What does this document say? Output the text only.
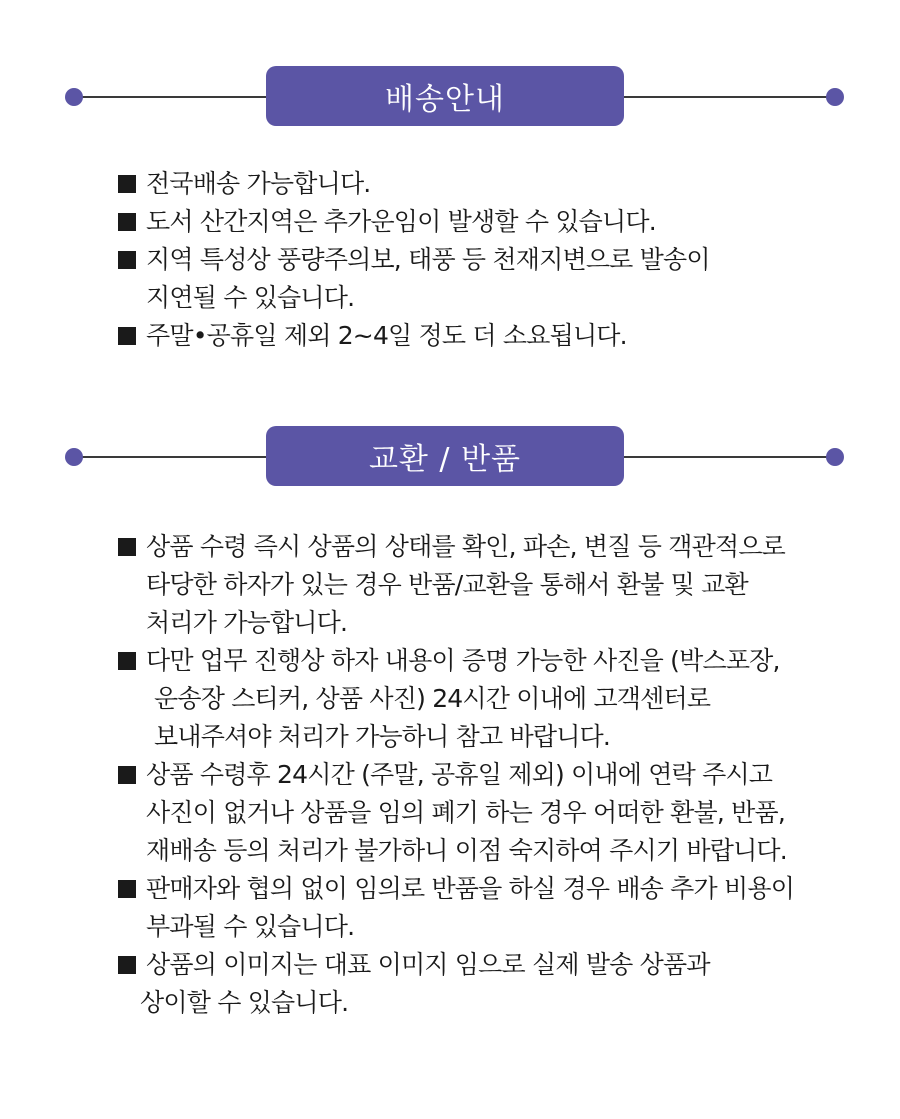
배송안내
전국배송 가능합니다.
도서 산간지역은 추가운임이 발생할 수 있습니다.
지역 특성상 풍량주의보, 태풍 등 천재지변으로 발송이
지연될 수 있습니다.
주말•공휴일 제외 2~4일 정도 더 소요됩니다.
교환 / 반품
상품 수령 즉시 상품의 상태를 확인, 파손, 변질 등 객관적으로
타당한 하자가 있는 경우 반품/교환을 통해서 환불 및 교환
처리가 가능합니다.
다만 업무 진행상 하자 내용이 증명 가능한 사진을 (박스포장,
운송장 스티커, 상품 사진) 24시간 이내에 고객센터로
보내주셔야 처리가 가능하니 참고 바랍니다.
상품 수령후 24시간 (주말, 공휴일 제외) 이내에 연락 주시고
사진이 없거나 상품을 임의 폐기 하는 경우 어떠한 환불, 반품,
재배송 등의 처리가 불가하니 이점 숙지하여 주시기 바랍니다.
판매자와 협의 없이 임의로 반품을 하실 경우 배송 추가 비용이
부과될 수 있습니다.
상품의 이미지는 대표 이미지 임으로 실제 발송 상품과
상이할 수 있습니다.
